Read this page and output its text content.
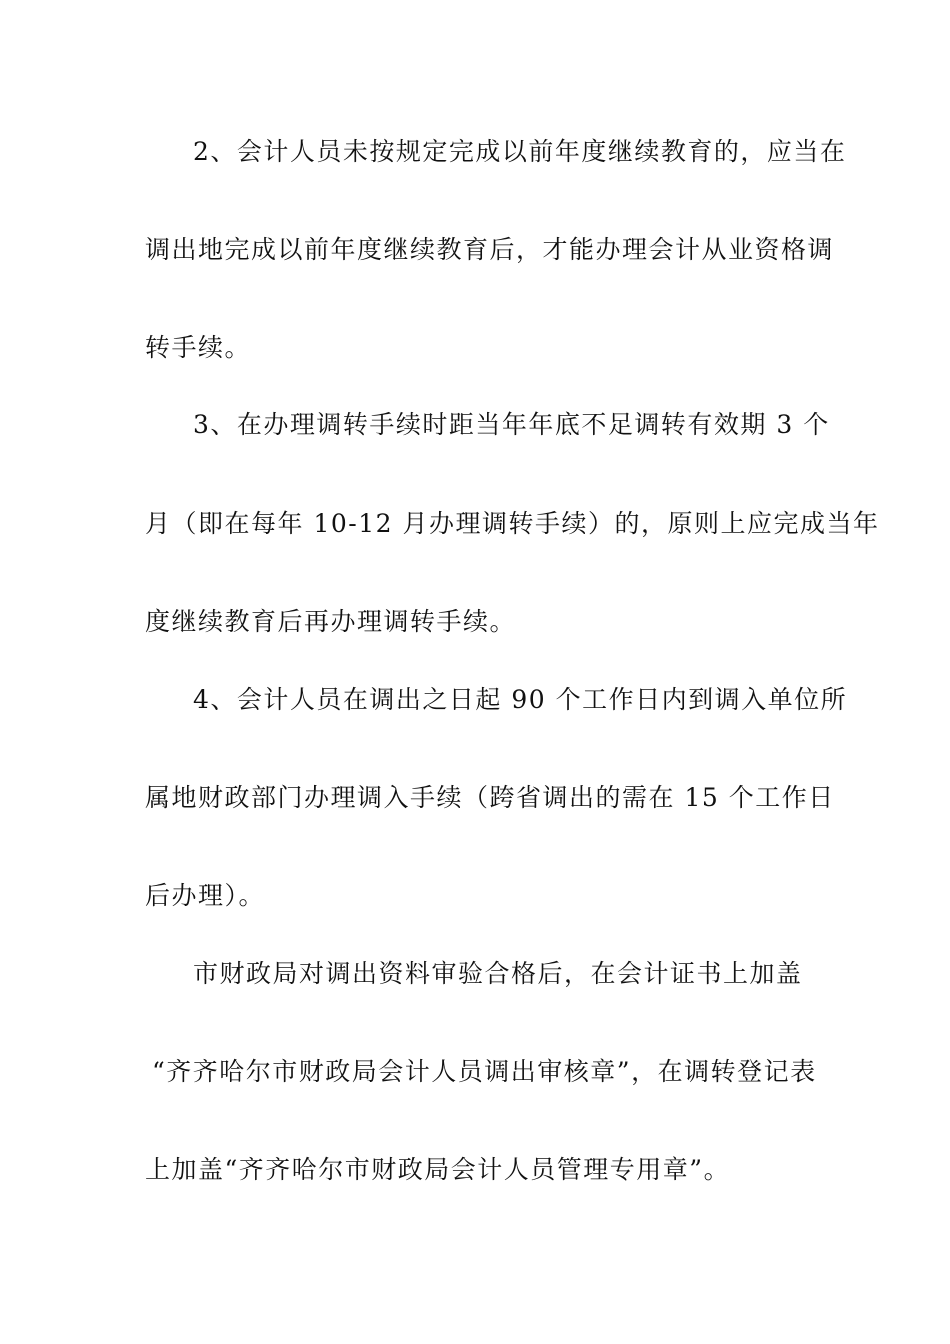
2、会计人员未按规定完成以前年度继续教育的，应当在
调出地完成以前年度继续教育后，才能办理会计从业资格调
转手续。
3、在办理调转手续时距当年年底不足调转有效期 3 个
月（即在每年 10-12 月办理调转手续）的，原则上应完成当年
度继续教育后再办理调转手续。
4、会计人员在调出之日起 90 个工作日内到调入单位所
属地财政部门办理调入手续（跨省调出的需在 15 个工作日
后办理）。
市财政局对调出资料审验合格后，在会计证书上加盖
“齐齐哈尔市财政局会计人员调出审核章”，在调转登记表
上加盖“齐齐哈尔市财政局会计人员管理专用章”。
